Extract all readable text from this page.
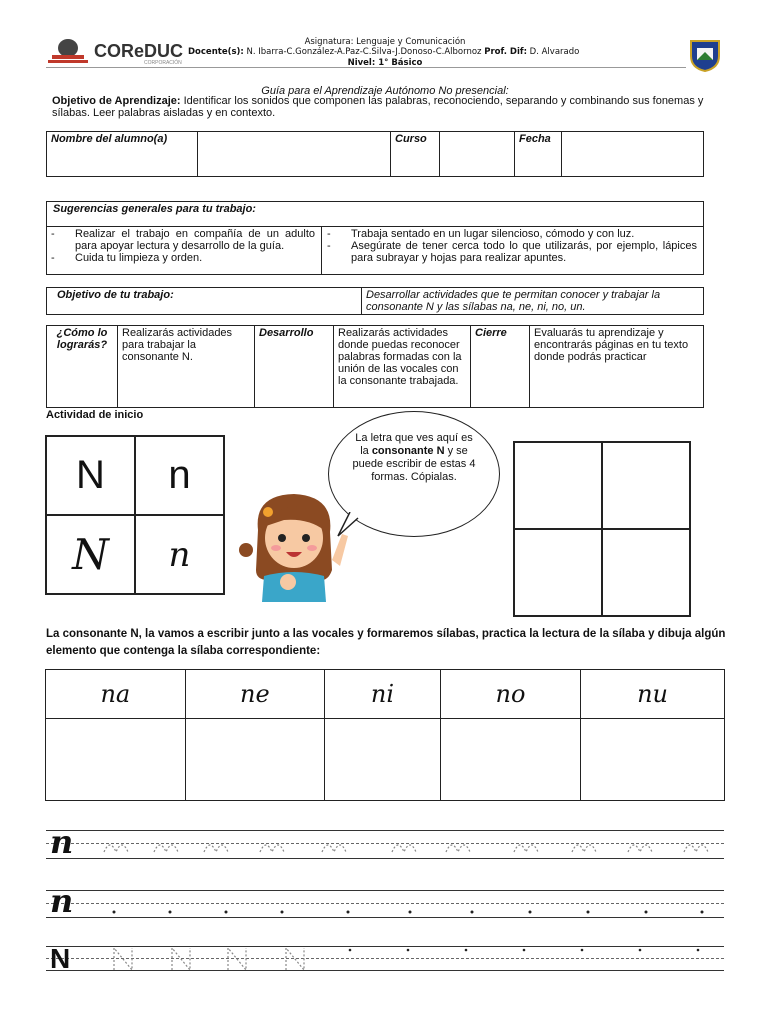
COReDUC
CORPORACIÓN
Asignatura: Lenguaje y Comunicación
Docente(s): N. Ibarra-C.González-A.Paz-C.Silva-J.Donoso-C.Albornoz Prof. Dif: D. Alvarado
Nivel: 1° Básico
Guía para el Aprendizaje Autónomo No presencial:
Objetivo de Aprendizaje: Identificar los sonidos que componen las palabras, reconociendo, separando y combinando sus fonemas y sílabas. Leer palabras aisladas y en contexto.
Nombre del alumno(a)		Curso		Fecha	
Sugerencias generales para tu trabajo:
- Realizar el trabajo en compañía de un adulto para apoyar lectura y desarrollo de la guía.
- Cuida tu limpieza y orden.
- Trabaja sentado en un lugar silencioso, cómodo y con luz.
- Asegúrate de tener cerca todo lo que utilizarás, por ejemplo, lápices para subrayar y hojas para realizar apuntes.
Objetivo de tu trabajo:	Desarrollar actividades que te permitan conocer y trabajar la consonante N y las sílabas na, ne, ni, no, un.
¿Cómo lo lograrás?	Realizarás actividades para trabajar la consonante N.	Desarrollo	Realizarás actividades donde puedas reconocer palabras formadas con la unión de las vocales con la consonante trabajada.	Cierre	Evaluarás tu aprendizaje y encontrarás páginas en tu texto donde podrás practicar
Actividad de inicio
N n
N n
La letra que ves aquí es la consonante N y se puede escribir de estas 4 formas. Cópialas.
La consonante N, la vamos a escribir junto a las vocales y formaremos sílabas, practica la lectura de la sílaba y dibuja algún elemento que contenga la sílaba correspondiente:
na	ne	ni	no	nu

n
n
N
